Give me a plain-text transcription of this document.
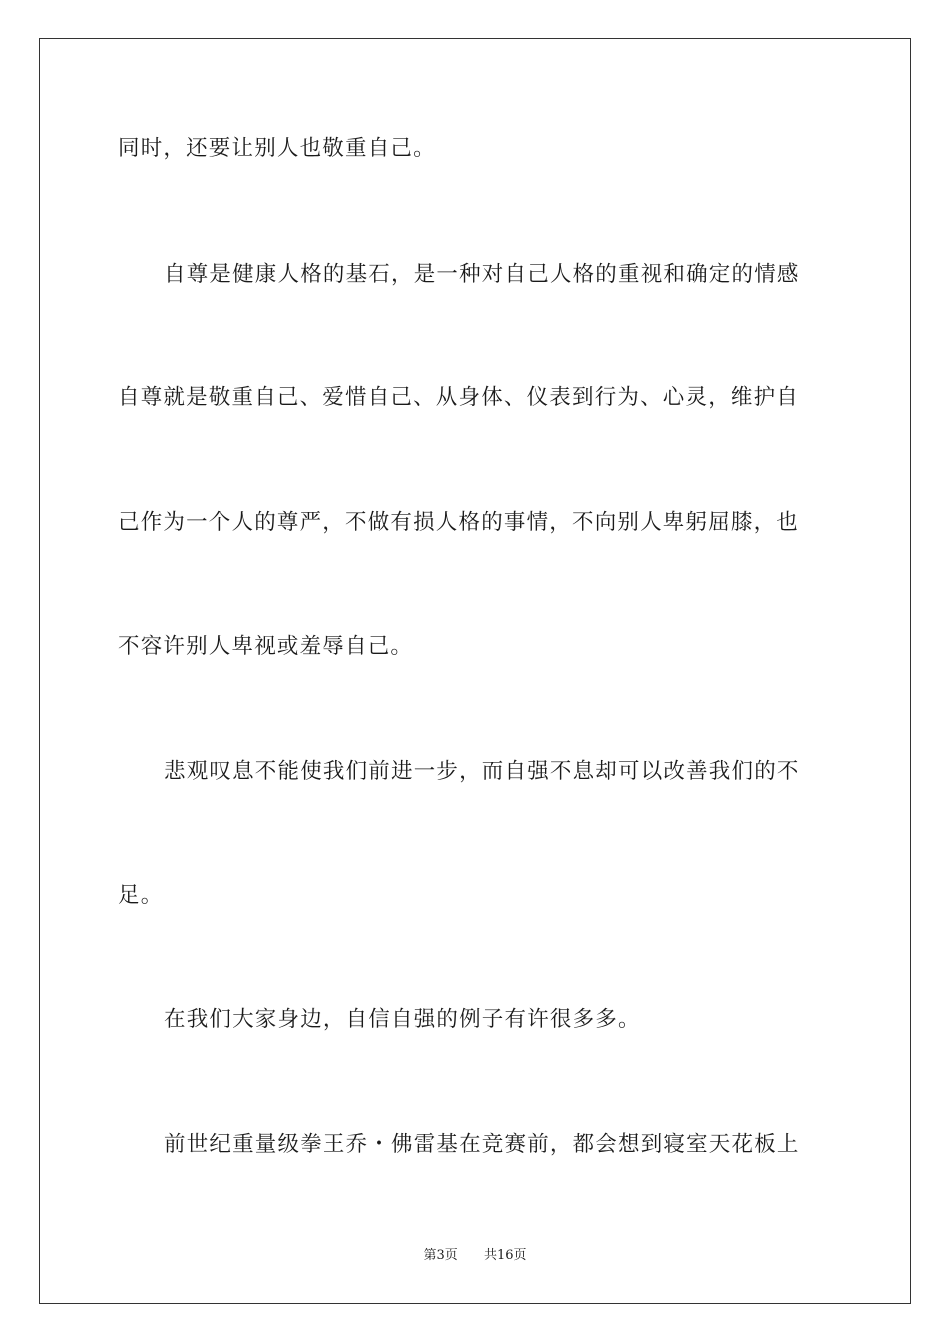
同时，还要让别人也敬重自己。
自尊是健康人格的基石，是一种对自己人格的重视和确定的情感
自尊就是敬重自己、爱惜自己、从身体、仪表到行为、心灵，维护自
己作为一个人的尊严，不做有损人格的事情，不向别人卑躬屈膝，也
不容许别人卑视或羞辱自己。
悲观叹息不能使我们前进一步，而自强不息却可以改善我们的不
足。
在我们大家身边，自信自强的例子有许很多多。
前世纪重量级拳王乔・佛雷基在竞赛前，都会想到寝室天花板上
第3页 共16页
